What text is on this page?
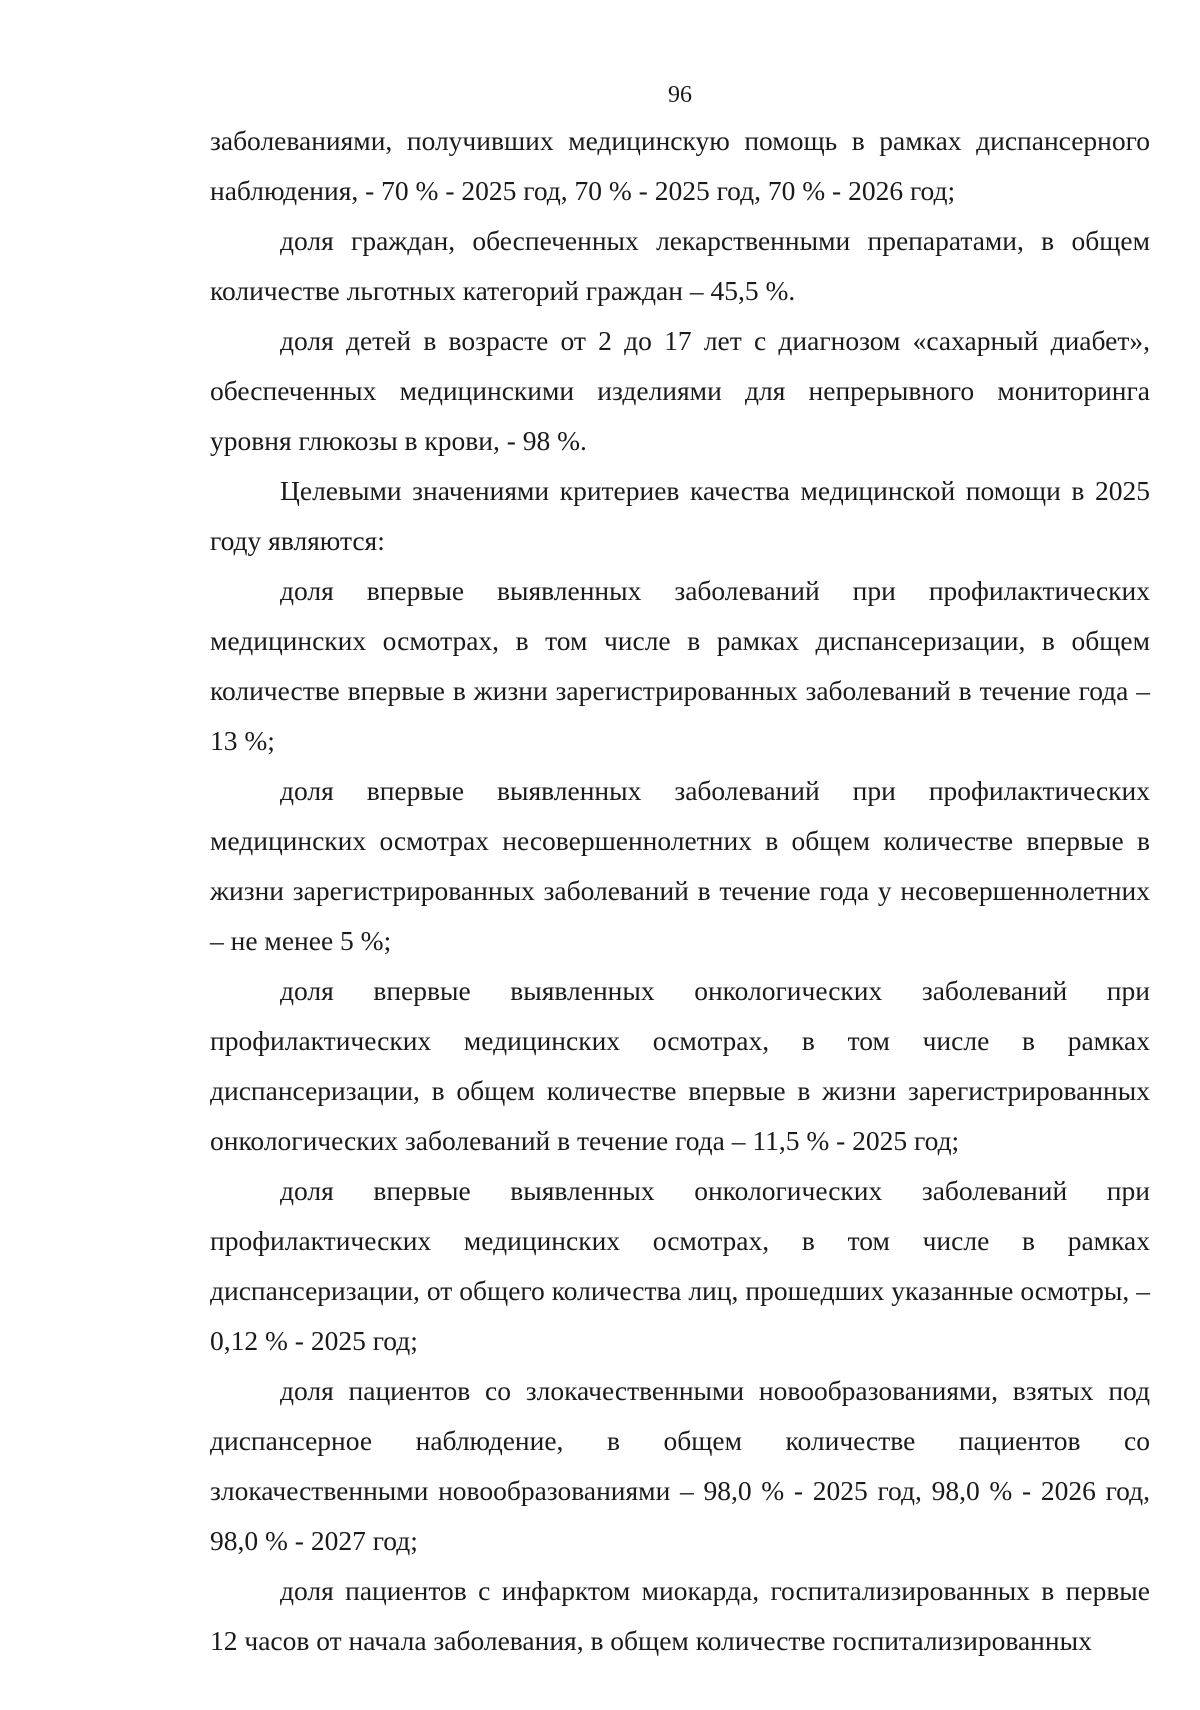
96

заболеваниями, получивших медицинскую помощь в рамках диспансерного наблюдения, - 70 % - 2025 год, 70 % - 2025 год, 70 % - 2026 год;

доля граждан, обеспеченных лекарственными препаратами, в общем количестве льготных категорий граждан – 45,5 %.

доля детей в возрасте от 2 до 17 лет с диагнозом «сахарный диабет», обеспеченных медицинскими изделиями для непрерывного мониторинга уровня глюкозы в крови, - 98 %.

Целевыми значениями критериев качества медицинской помощи в 2025 году являются:

доля впервые выявленных заболеваний при профилактических медицинских осмотрах, в том числе в рамках диспансеризации, в общем количестве впервые в жизни зарегистрированных заболеваний в течение года – 13 %;

доля впервые выявленных заболеваний при профилактических медицинских осмотрах несовершеннолетних в общем количестве впервые в жизни зарегистрированных заболеваний в течение года у несовершеннолетних – не менее 5 %;

доля впервые выявленных онкологических заболеваний при профилактических медицинских осмотрах, в том числе в рамках диспансеризации, в общем количестве впервые в жизни зарегистрированных онкологических заболеваний в течение года – 11,5 % - 2025 год;

доля впервые выявленных онкологических заболеваний при профилактических медицинских осмотрах, в том числе в рамках диспансеризации, от общего количества лиц, прошедших указанные осмотры, – 0,12 % - 2025 год;

доля пациентов со злокачественными новообразованиями, взятых под диспансерное наблюдение, в общем количестве пациентов со злокачественными новообразованиями – 98,0 % - 2025 год, 98,0 % - 2026 год, 98,0 % - 2027 год;

доля пациентов с инфарктом миокарда, госпитализированных в первые 12 часов от начала заболевания, в общем количестве госпитализированных
